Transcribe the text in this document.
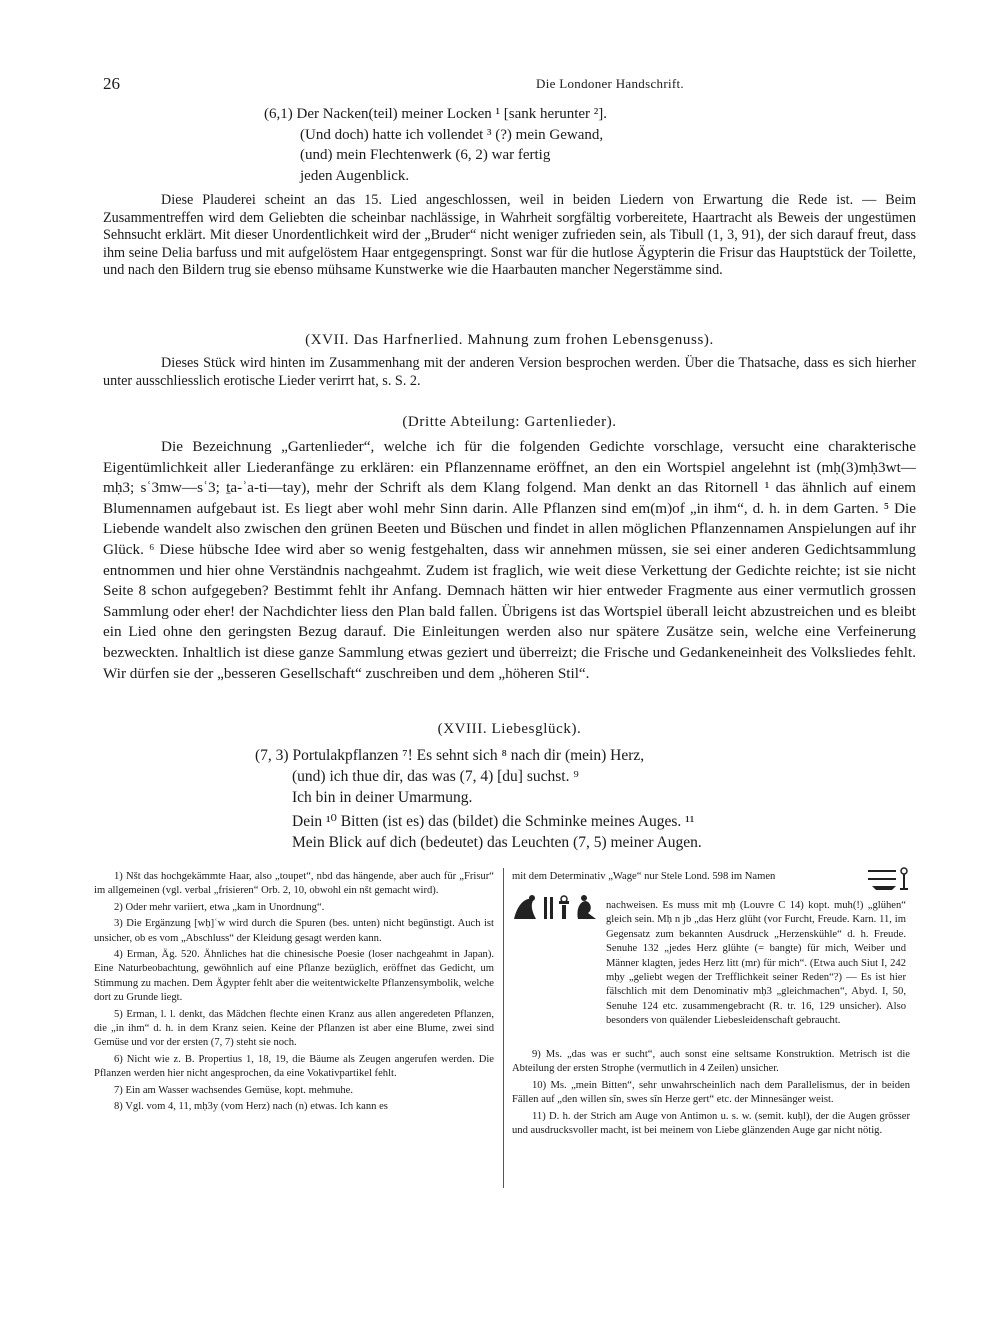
26	Die Londoner Handschrift.
(6,1) Der Nacken(teil) meiner Locken ¹ [sank herunter ²].
(Und doch) hatte ich vollendet ³ (?) mein Gewand,
(und) mein Flechtenwerk (6, 2) war fertig
jeden Augenblick.

Diese Plauderei scheint an das 15. Lied angeschlossen, weil in beiden Liedern von Erwartung die Rede ist. — Beim Zusammentreffen wird dem Geliebten die scheinbar nachlässige, in Wahrheit sorgfältig vorbereitete, Haartracht als Beweis der ungestümen Sehnsucht erklärt. Mit dieser Unordentlichkeit wird der „Bruder“ nicht weniger zufrieden sein, als Tibull (1, 3, 91), der sich darauf freut, dass ihm seine Delia barfuss und mit aufgelöstem Haar entgegenspringt. Sonst war für die hutlose Ägypterin die Frisur das Hauptstück der Toilette, und nach den Bildern trug sie ebenso mühsame Kunstwerke wie die Haarbauten mancher Negerstämme sind.

(XVII. Das Harfnerlied. Mahnung zum frohen Lebensgenuss).

Dieses Stück wird hinten im Zusammenhang mit der anderen Version besprochen werden. Über die Thatsache, dass es sich hierher unter ausschliesslich erotische Lieder verirrt hat, s. S. 2.

(Dritte Abteilung: Gartenlieder).

Die Bezeichnung „Gartenlieder“, welche ich für die folgenden Gedichte vorschlage, versucht eine charakterische Eigentümlichkeit aller Liederanfänge zu erklären: ein Pflanzenname eröffnet, an den ein Wortspiel angelehnt ist (mḥ(3)mḥ3wt—mḥ3; sʿ3mw—sʿ3; ṯa-ʾa-ti—tay), mehr der Schrift als dem Klang folgend. Man denkt an das Ritornell ¹ das ähnlich auf einem Blumennamen aufgebaut ist. Es liegt aber wohl mehr Sinn darin. Alle Pflanzen sind em(m)of „in ihm“, d. h. in dem Garten. ⁵ Die Liebende wandelt also zwischen den grünen Beeten und Büschen und findet in allen möglichen Pflanzennamen Anspielungen auf ihr Glück. ⁶ Diese hübsche Idee wird aber so wenig festgehalten, dass wir annehmen müssen, sie sei einer anderen Gedichtsammlung entnommen und hier ohne Verständnis nachgeahmt. Zudem ist fraglich, wie weit diese Verkettung der Gedichte reichte; ist sie nicht Seite 8 schon aufgegeben? Bestimmt fehlt ihr Anfang. Demnach hätten wir hier entweder Fragmente aus einer vermutlich grossen Sammlung oder eher! der Nachdichter liess den Plan bald fallen. Übrigens ist das Wortspiel überall leicht abzustreichen und es bleibt ein Lied ohne den geringsten Bezug darauf. Die Einleitungen werden also nur spätere Zusätze sein, welche eine Verfeinerung bezweckten. Inhaltlich ist diese ganze Sammlung etwas geziert und überreizt; die Frische und Gedankeneinheit des Volksliedes fehlt. Wir dürfen sie der „besseren Gesellschaft“ zuschreiben und dem „höheren Stil“.

(XVIII. Liebesglück).
(7, 3) Portulakpflanzen ⁷! Es sehnt sich ⁸ nach dir (mein) Herz,
(und) ich thue dir, das was (7, 4) [du] suchst. ⁹
Ich bin in deiner Umarmung.
Dein ¹⁰ Bitten (ist es) das (bildet) die Schminke meines Auges. ¹¹
Mein Blick auf dich (bedeutet) das Leuchten (7, 5) meiner Augen.

1) Nšt das hochgekämmte Haar, also „toupet“, nbd das hängende, aber auch für „Frisur“ im allgemeinen (vgl. verbal „frisieren“ Orb. 2, 10, obwohl ein nšt gemacht wird).

2) Oder mehr variiert, etwa „kam in Unordnung“.

3) Die Ergänzung [wḥ]ʿw wird durch die Spuren (bes. unten) nicht begünstigt. Auch ist unsicher, ob es vom „Abschluss“ der Kleidung gesagt werden kann.

4) Erman, Äg. 520. Ähnliches hat die chinesische Poesie (loser nachgeahmt in Japan). Eine Naturbeobachtung, gewöhnlich auf eine Pflanze bezüglich, eröffnet das Gedicht, um Stimmung zu machen. Dem Ägypter fehlt aber die weitentwickelte Pflanzensymbolik, welche dort zu Grunde liegt.

5) Erman, l. l. denkt, das Mädchen flechte einen Kranz aus allen angeredeten Pflanzen, die „in ihm“ d. h. in dem Kranz seien. Keine der Pflanzen ist aber eine Blume, zwei sind Gemüse und vor der ersten (7, 7) steht sie noch.

6) Nicht wie z. B. Propertius 1, 18, 19, die Bäume als Zeugen angerufen werden. Die Pflanzen werden hier nicht angesprochen, da eine Vokativpartikel fehlt.

7) Ein am Wasser wachsendes Gemüse, kopt. mehmuhe.

8) Vgl. vom 4, 11, mḥ3y (vom Herz) nach (n) etwas. Ich kann es

mit dem Determinativ „Wage“ nur Stele Lond. 598 im Namen

nachweisen. Es muss mit mḥ (Louvre C 14) kopt. muh(!) „glühen“ gleich sein. Mḥ n jb „das Herz glüht (vor Furcht, Freude. Karn. 11, im Gegensatz zum bekannten Ausdruck „Herzenskühle“ d. h. Freude. Senuhe 132 „jedes Herz glühte (= bangte) für mich, Weiber und Männer klagten, jedes Herz litt (mr) für mich“. (Etwa auch Siut I, 242 mḥy „geliebt wegen der Trefflichkeit seiner Reden“?) — Es ist hier fälschlich mit dem Denominativ mḥ3 „gleichmachen“, Abyd. I, 50, Senuhe 124 etc. zusammengebracht (R. tr. 16, 129 unsicher). Also besonders von quälender Liebesleidenschaft gebraucht.

9) Ms. „das was er sucht“, auch sonst eine seltsame Konstruktion. Metrisch ist die Abteilung der ersten Strophe (vermutlich in 4 Zeilen) unsicher.

10) Ms. „mein Bitten“, sehr unwahrscheinlich nach dem Parallelismus, der in beiden Fällen auf „den willen sîn, swes sîn Herze gert“ etc. der Minnesänger weist.

11) D. h. der Strich am Auge von Antimon u. s. w. (semit. kuḥl), der die Augen grösser und ausdrucksvoller macht, ist bei meinem von Liebe glänzenden Auge gar nicht nötig.
